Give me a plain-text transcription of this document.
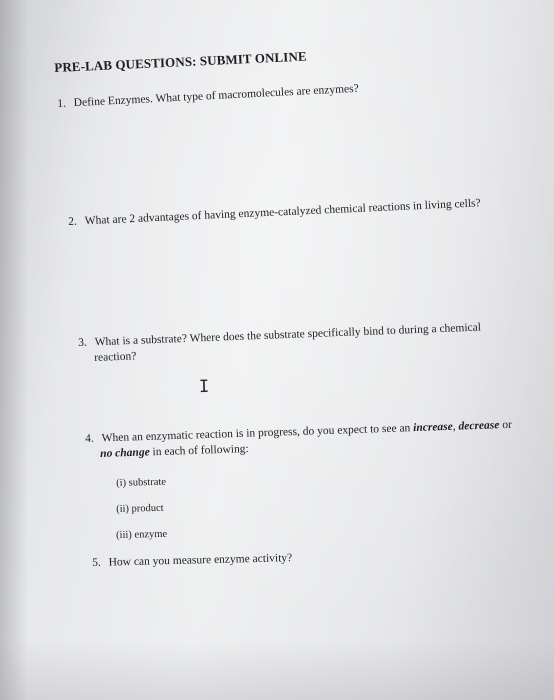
PRE-LAB QUESTIONS: SUBMIT ONLINE
1. Define Enzymes. What type of macromolecules are enzymes?
2. What are 2 advantages of having enzyme-catalyzed chemical reactions in living cells?
3. What is a substrate? Where does the substrate specifically bind to during a chemical
reaction?
I
4. When an enzymatic reaction is in progress, do you expect to see an increase, decrease or
no change in each of following:
(i) substrate
(ii) product
(iii) enzyme
5. How can you measure enzyme activity?
